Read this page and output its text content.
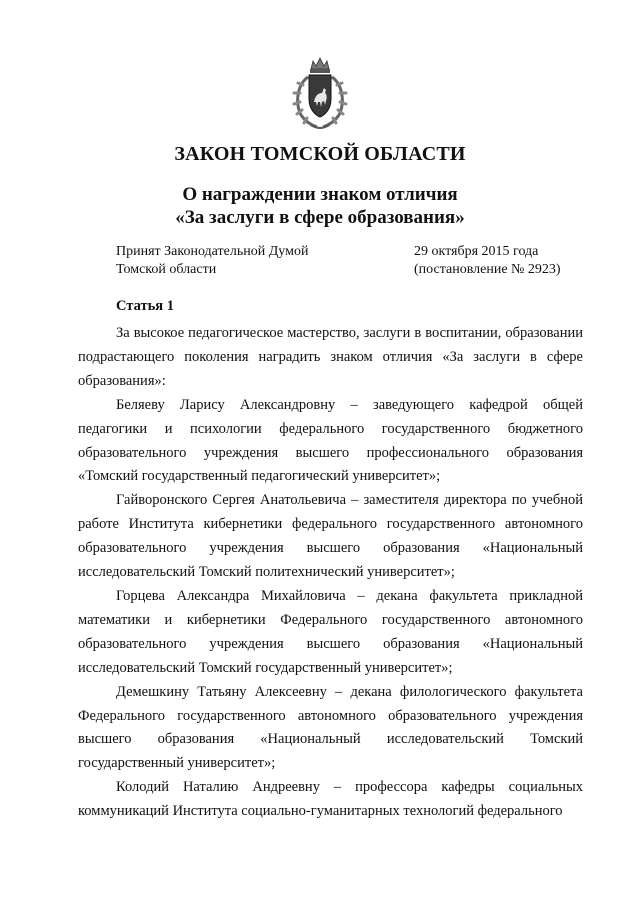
ЗАКОН ТОМСКОЙ ОБЛАСТИ
О награждении знаком отличия
«За заслуги в сфере образования»
Принят Законодательной Думой
Томской области
29 октября 2015 года
(постановление № 2923)
Статья 1

За высокое педагогическое мастерство, заслуги в воспитании, образовании подрастающего поколения наградить знаком отличия «За заслуги в сфере образования»:

Беляеву Ларису Александровну – заведующего кафедрой общей педагогики и психологии федерального государственного бюджетного образовательного учреждения высшего профессионального образования «Томский государственный педагогический университет»;

Гайворонского Сергея Анатольевича – заместителя директора по учебной работе Института кибернетики федерального государственного автономного образовательного учреждения высшего образования «Национальный исследовательский Томский политехнический университет»;

Горцева Александра Михайловича – декана факультета прикладной математики и кибернетики Федерального государственного автономного образовательного учреждения высшего образования «Национальный исследовательский Томский государственный университет»;

Демешкину Татьяну Алексеевну – декана филологического факультета Федерального государственного автономного образовательного учреждения высшего образования «Национальный исследовательский Томский государственный университет»;

Колодий Наталию Андреевну – профессора кафедры социальных коммуникаций Института социально-гуманитарных технологий федерального
